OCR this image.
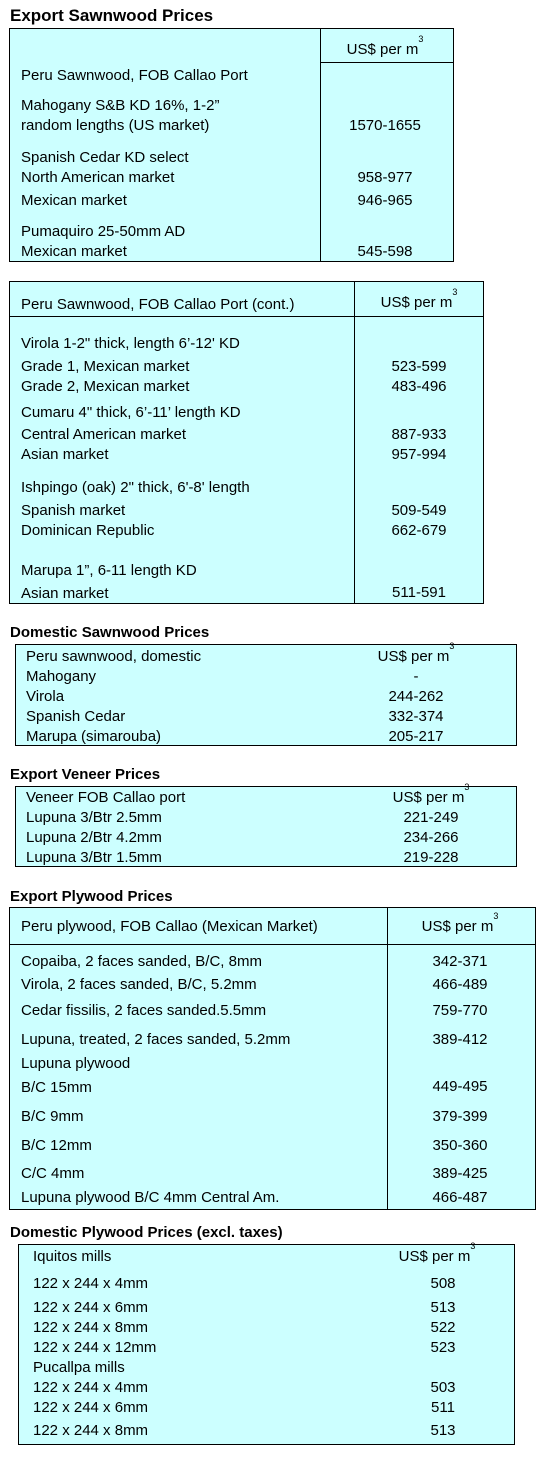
Export Sawnwood Prices
US$ per $m^3$
Peru Sawnwood, FOB Callao Port
Mahogany S&B KD 16%, 1-2”
random lengths (US market)	1570-1655
Spanish Cedar KD select
North American market	958-977
Mexican market	946-965
Pumaquiro 25-50mm AD
Mexican market	545-598
Peru Sawnwood, FOB Callao Port (cont.)	US$ per $m^3$
Virola 1-2" thick, length 6’-12' KD
Grade 1, Mexican market	523-599
Grade 2, Mexican market	483-496
Cumaru 4" thick, 6’-11’ length KD
Central American market	887-933
Asian market	957-994
Ishpingo (oak) 2" thick, 6'-8' length
Spanish market	509-549
Dominican Republic	662-679
Marupa 1”, 6-11 length KD
Asian market	511-591
Domestic Sawnwood Prices
Peru sawnwood, domestic	US$ per $m^3$
Mahogany	-
Virola	244-262
Spanish Cedar	332-374
Marupa (simarouba)	205-217
Export Veneer Prices
Veneer FOB Callao port	US$ per $m^3$
Lupuna 3/Btr 2.5mm	221-249
Lupuna 2/Btr 4.2mm	234-266
Lupuna 3/Btr 1.5mm	219-228
Export Plywood Prices
Peru plywood, FOB Callao (Mexican Market)	US$ per $m^3$
Copaiba, 2 faces sanded, B/C, 8mm	342-371
Virola, 2 faces sanded, B/C, 5.2mm	466-489
Cedar fissilis, 2 faces sanded.5.5mm	759-770
Lupuna, treated, 2 faces sanded, 5.2mm	389-412
Lupuna plywood
B/C 15mm	449-495
B/C 9mm	379-399
B/C 12mm	350-360
C/C 4mm	389-425
Lupuna plywood B/C 4mm Central Am.	466-487
Domestic Plywood Prices (excl. taxes)
Iquitos mills	US$ per $m^3$
122 x 244 x 4mm	508
122 x 244 x 6mm	513
122 x 244 x 8mm	522
122 x 244 x 12mm	523
Pucallpa mills
122 x 244 x 4mm	503
122 x 244 x 6mm	511
122 x 244 x 8mm	513
